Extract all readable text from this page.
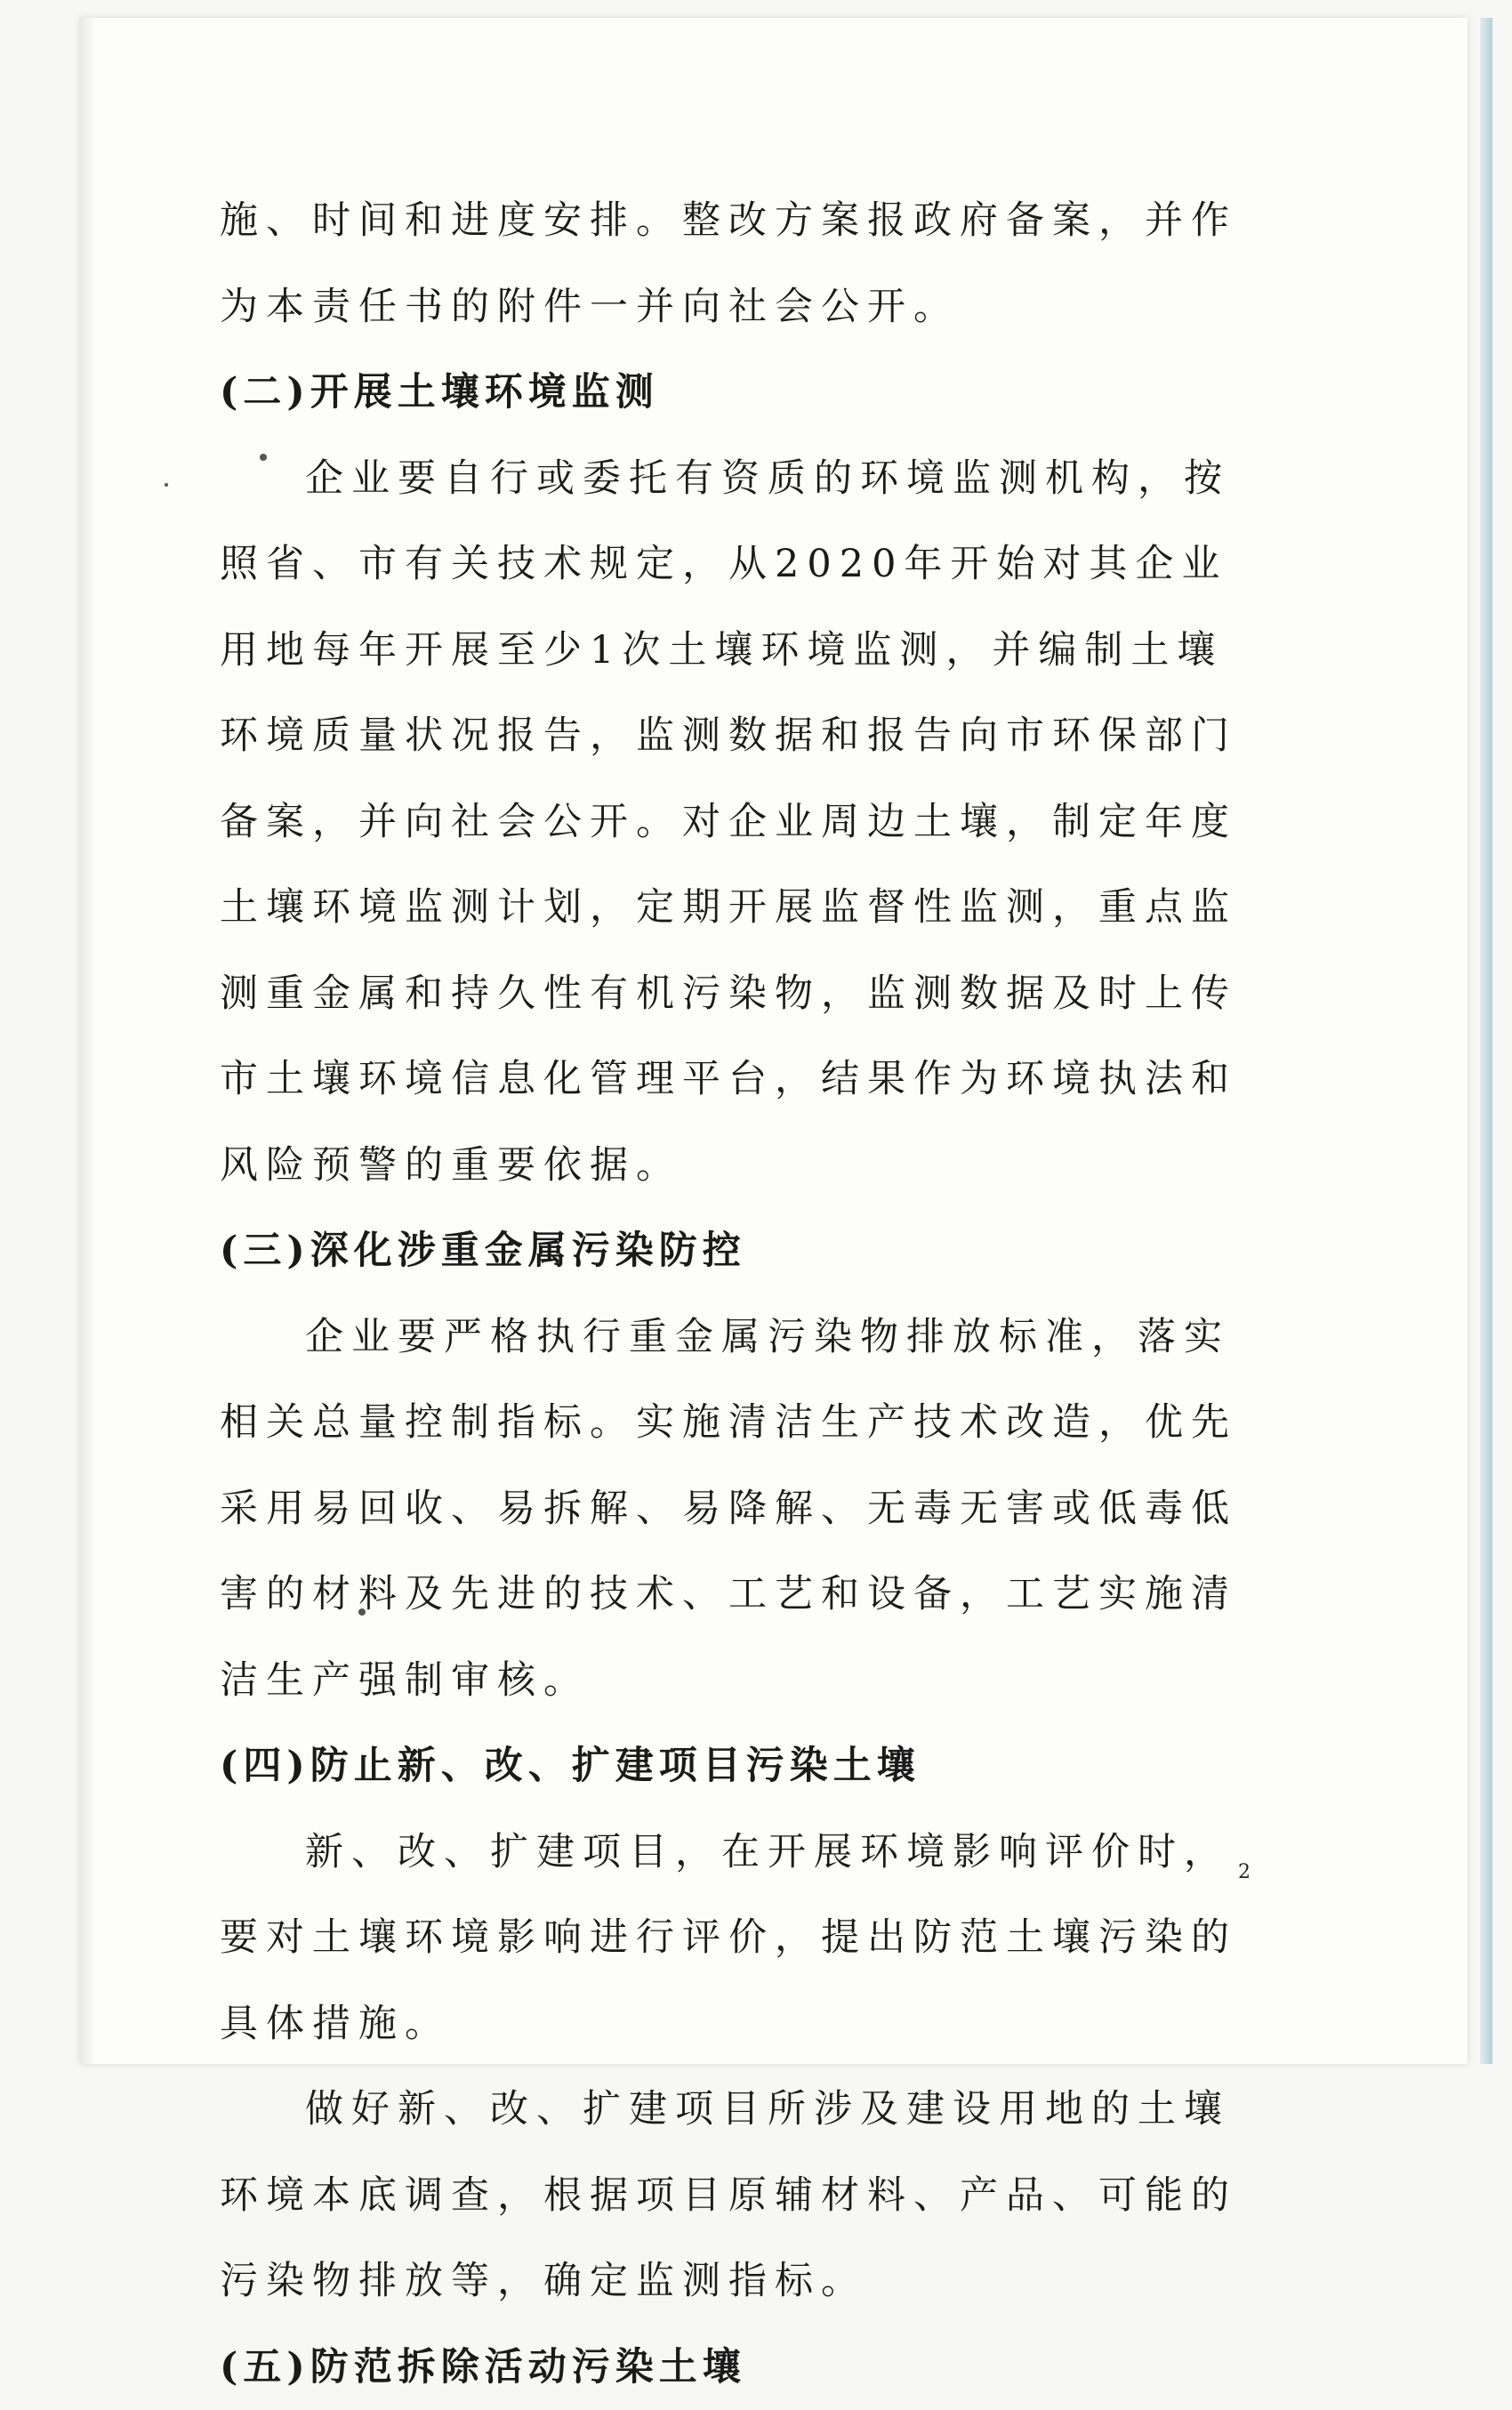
施、时间和进度安排。整改方案报政府备案，并作为本责任书的附件一并向社会公开。

(二)开展土壤环境监测

企业要自行或委托有资质的环境监测机构，按照省、市有关技术规定，从2020年开始对其企业用地每年开展至少1次土壤环境监测，并编制土壤环境质量状况报告，监测数据和报告向市环保部门备案，并向社会公开。对企业周边土壤，制定年度土壤环境监测计划，定期开展监督性监测，重点监测重金属和持久性有机污染物，监测数据及时上传市土壤环境信息化管理平台，结果作为环境执法和风险预警的重要依据。

(三)深化涉重金属污染防控

企业要严格执行重金属污染物排放标准，落实相关总量控制指标。实施清洁生产技术改造，优先采用易回收、易拆解、易降解、无毒无害或低毒低害的材料及先进的技术、工艺和设备，工艺实施清洁生产强制审核。

(四)防止新、改、扩建项目污染土壤

新、改、扩建项目，在开展环境影响评价时，要对土壤环境影响进行评价，提出防范土壤污染的具体措施。

做好新、改、扩建项目所涉及建设用地的土壤环境本底调查，根据项目原辅材料、产品、可能的污染物排放等，确定监测指标。

(五)防范拆除活动污染土壤

2
